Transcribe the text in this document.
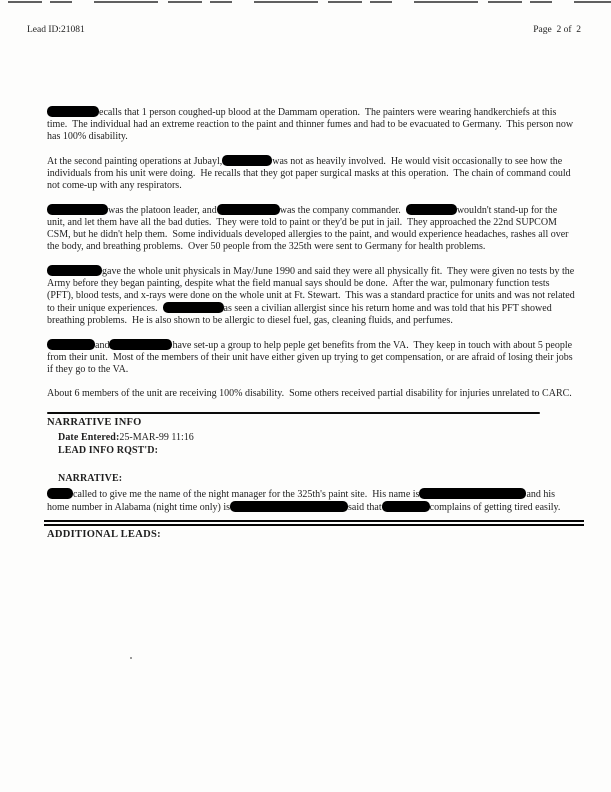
Lead ID:21081	Page  2 of  2

ecalls that 1 person coughed-up blood at the Dammam operation.  The painters were wearing handkerchiefs at this time.  The individual had an extreme reaction to the paint and thinner fumes and had to be evacuated to Germany.  This person now has 100% disability.

At the second painting operations at Jubayl,	was not as heavily involved.  He would visit occasionally to see how the individuals from his unit were doing.  He recalls that they got paper surgical masks at this operation.  The chain of command could not come-up with any respirators.

was the platoon leader, and	was the company commander.	wouldn't stand-up for the unit, and let them have all the bad duties.  They were told to paint or they'd be put in jail.  They approached the 22nd SUPCOM CSM, but he didn't help them.  Some individuals developed allergies to the paint, and would experience headaches, rashes all over the body, and breathing problems.  Over 50 people from the 325th were sent to Germany for health problems.

gave the whole unit physicals in May/June 1990 and said they were all physically fit.  They were given no tests by the Army before they began painting, despite what the field manual says should be done.  After the war, pulmonary function tests (PFT), blood tests, and x-rays were done on the whole unit at Ft. Stewart.  This was a standard practice for units and was not related to their unique experiences.	as seen a civilian allergist since his return home and was told that his PFT showed breathing problems.  He is also shown to be allergic to diesel fuel, gas, cleaning fluids, and perfumes.

and	have set-up a group to help peple get benefits from the VA.  They keep in touch with about 5 people from their unit.  Most of the members of their unit have either given up trying to get compensation, or are afraid of losing their jobs if they go to the VA.

About 6 members of the unit are receiving 100% disability.  Some others received partial disability for injuries unrelated to CARC.

NARRATIVE INFO
Date Entered:25-MAR-99 11:16
LEAD INFO RQST'D:
NARRATIVE:

called to give me the name of the night manager for the 325th's paint site.  His name is	and his home number in Alabama (night time only) is	said that	complains of getting tired easily.

ADDITIONAL LEADS:
